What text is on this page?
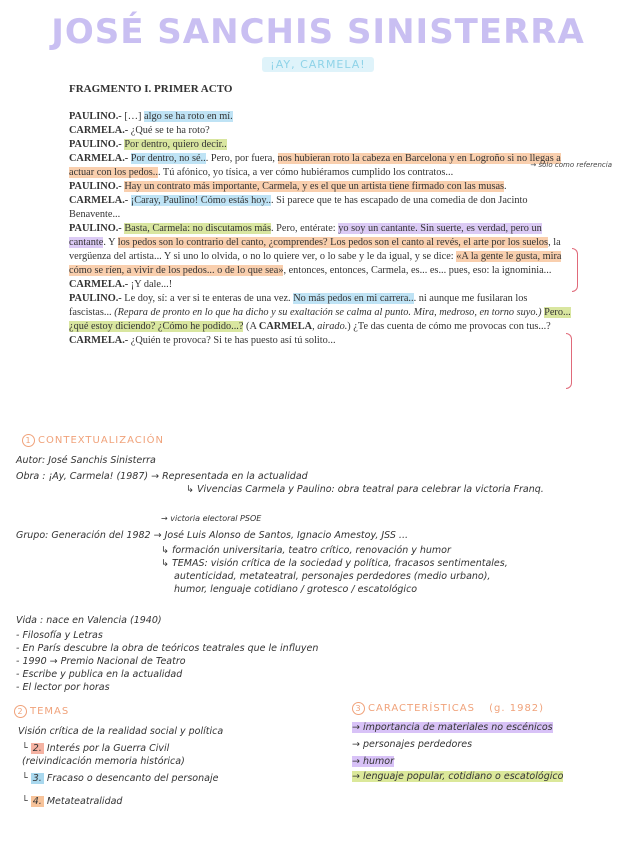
JOSÉ SANCHIS SINISTERRA
¡AY, CARMELA!
FRAGMENTO I. PRIMER ACTO

PAULINO.- […] algo se ha roto en mí.

CARMELA.- ¿Qué se te ha roto?

PAULINO.- Por dentro, quiero decir..

CARMELA.- Por dentro, no sé... Pero, por fuera, nos hubieran roto la cabeza en Barcelona y en Logroño si no llegas a actuar con los pedos... Tú afónico, yo tísica, a ver cómo hubiéramos cumplido los contratos...

PAULINO.- Hay un contrato más importante, Carmela, y es el que un artista tiene firmado con las musas.

CARMELA.- ¡Caray, Paulino! Cómo estás hoy... Si parece que te has escapado de una comedia de don Jacinto Benavente...

PAULINO.- Basta, Carmela: no discutamos más. Pero, entérate: yo soy un cantante. Sin suerte, es verdad, pero un cantante. Y los pedos son lo contrario del canto, ¿comprendes? Los pedos son el canto al revés, el arte por los suelos, la vergüenza del artista... Y si uno lo olvida, o no lo quiere ver, o lo sabe y le da igual, y se dice: «A la gente le gusta, mira cómo se ríen, a vivir de los pedos... o de lo que sea», entonces, entonces, Carmela, es... es... pues, eso: la ignominia...

CARMELA.- ¡Y dale...!

PAULINO.- Le doy, sí: a ver si te enteras de una vez. No más pedos en mi carrera... ni aunque me fusilaran los fascistas... (Repara de pronto en lo que ha dicho y su exaltación se calma al punto. Mira, medroso, en torno suyo.) Pero... ¿qué estoy diciendo? ¿Cómo he podido...? (A CARMELA, airado.) ¿Te das cuenta de cómo me provocas con tus...?

CARMELA.- ¿Quién te provoca? Si te has puesto así tú solito...

→ solo como referencia
1 CONTEXTUALIZACIÓN
Autor: José Sanchis Sinisterra
Obra : ¡Ay, Carmela! (1987) → Representada en la actualidad
↳ Vivencias Carmela y Paulino: obra teatral para celebrar la victoria Franq.
→ victoria electoral PSOE
Grupo: Generación del 1982 → José Luis Alonso de Santos, Ignacio Amestoy, JSS ...
↳ formación universitaria, teatro crítico, renovación y humor
↳ TEMAS: visión crítica de la sociedad y política, fracasos sentimentales,
autenticidad, metateatral, personajes perdedores (medio urbano),
humor, lenguaje cotidiano / grotesco / escatológico
Vida : nace en Valencia (1940)
- Filosofía y Letras
- En París descubre la obra de teóricos teatrales que le influyen
- 1990 → Premio Nacional de Teatro
- Escribe y publica en la actualidad
- El lector por horas
2 TEMAS
Visión crítica de la realidad social y política
└ 2. Interés por la Guerra Civil
(reivindicación memoria histórica)
└ 3. Fracaso o desencanto del personaje
└ 4. Metateatralidad
3 CARACTERÍSTICAS (g. 1982)
→ importancia de materiales no escénicos
→ personajes perdedores
→ humor
→ lenguaje popular, cotidiano o escatológico
